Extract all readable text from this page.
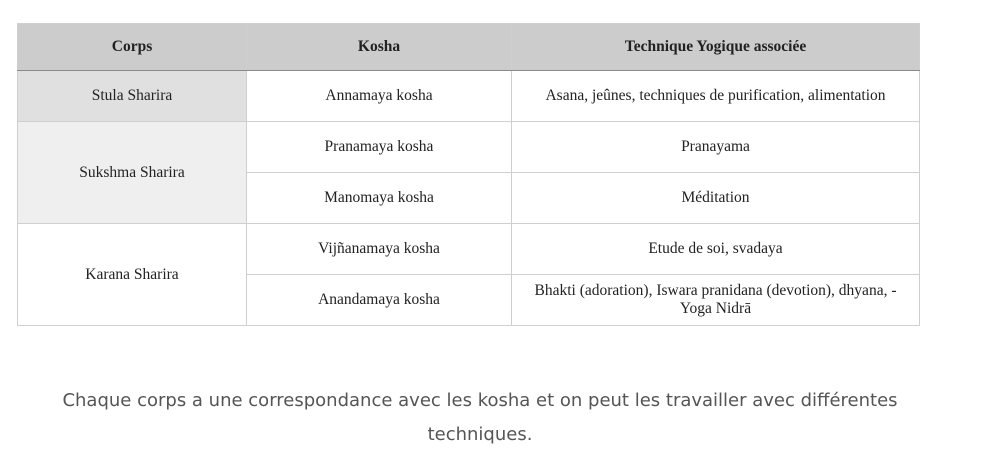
Corps	Kosha	Technique Yogique associée
Stula Sharira	Annamaya kosha	Asana, jeûnes, techniques de purification, alimentation
Sukshma Sharira	Pranamaya kosha	Pranayama
	Manomaya kosha	Méditation
Karana Sharira	Vijñanamaya kosha	Etude de soi, svadaya
	Anandamaya kosha	Bhakti (adoration), Iswara pranidana (devotion), dhyana, - Yoga Nidrā

Chaque corps a une correspondance avec les kosha et on peut les travailler avec différentes techniques.
